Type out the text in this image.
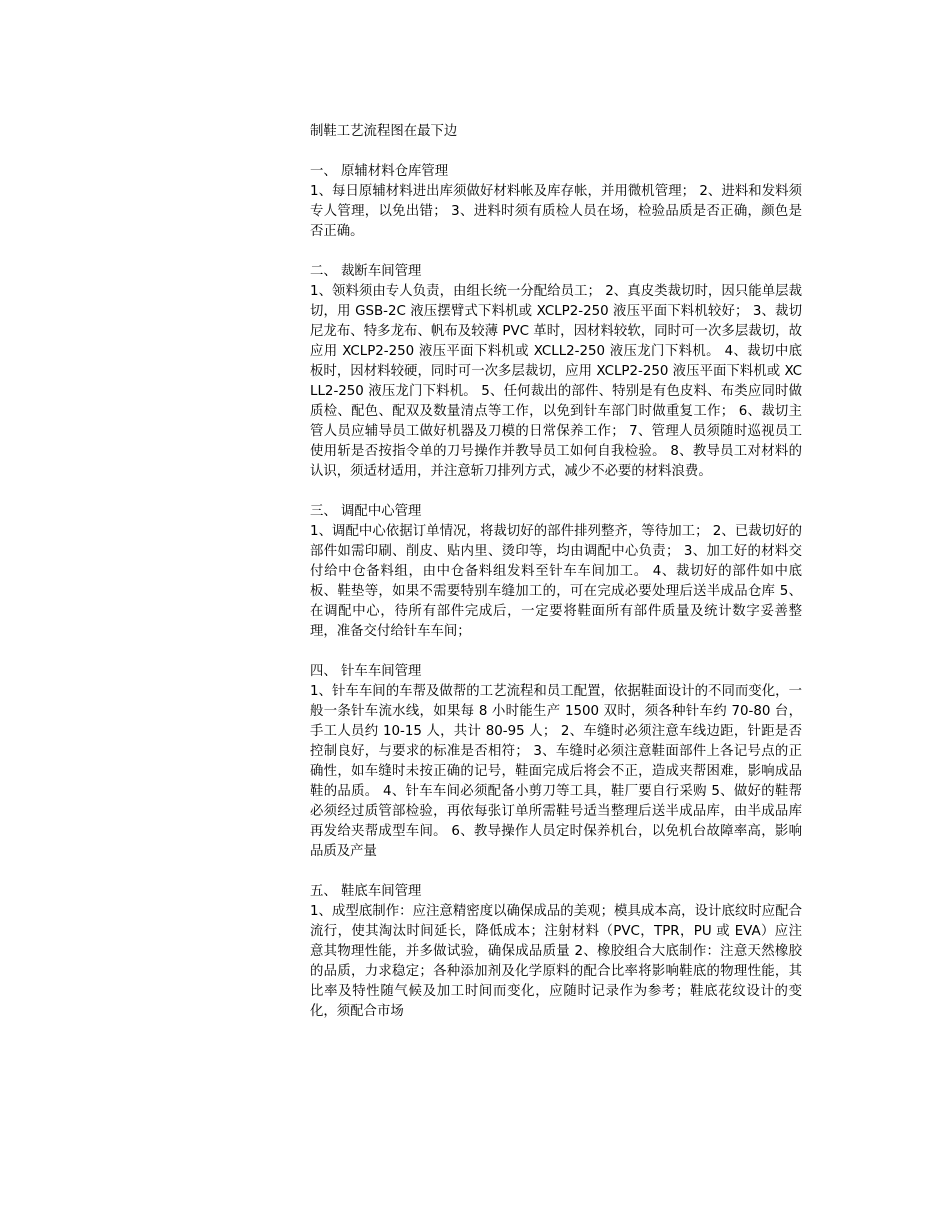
制鞋工艺流程图在最下边

一、 原辅材料仓库管理

1、每日原辅材料进出库须做好材料帐及库存帐，并用微机管理； 2、进料和发料须专人管理，以免出错； 3、进料时须有质检人员在场，检验品质是否正确，颜色是否正确。

二、 裁断车间管理

1、领料须由专人负责，由组长统一分配给员工； 2、真皮类裁切时，因只能单层裁切，用 GSB-2C 液压摆臂式下料机或 XCLP2-250 液压平面下料机较好； 3、裁切尼龙布、特多龙布、帆布及较薄 PVC 革时，因材料较软，同时可一次多层裁切，故应用 XCLP2-250 液压平面下料机或 XCLL2-250 液压龙门下料机。 4、裁切中底板时，因材料较硬，同时可一次多层裁切，应用 XCLP2-250 液压平面下料机或 XCLL2-250 液压龙门下料机。 5、任何裁出的部件、特别是有色皮料、布类应同时做质检、配色、配双及数量清点等工作，以免到针车部门时做重复工作； 6、裁切主管人员应辅导员工做好机器及刀模的日常保养工作； 7、管理人员须随时巡视员工使用斩是否按指令单的刀号操作并教导员工如何自我检验。 8、教导员工对材料的认识，须适材适用，并注意斩刀排列方式，减少不必要的材料浪费。

三、 调配中心管理

1、调配中心依据订单情况，将裁切好的部件排列整齐，等待加工； 2、已裁切好的部件如需印刷、削皮、贴内里、烫印等，均由调配中心负责； 3、加工好的材料交付给中仓备料组，由中仓备料组发料至针车车间加工。 4、裁切好的部件如中底板、鞋垫等，如果不需要特别车缝加工的，可在完成必要处理后送半成品仓库 5、在调配中心，待所有部件完成后，一定要将鞋面所有部件质量及统计数字妥善整理，准备交付给针车车间；

四、 针车车间管理

1、针车车间的车帮及做帮的工艺流程和员工配置，依据鞋面设计的不同而变化，一般一条针车流水线，如果每 8 小时能生产 1500 双时，须各种针车约 70-80 台，手工人员约 10-15 人，共计 80-95 人； 2、车缝时必须注意车线边距，针距是否控制良好，与要求的标准是否相符； 3、车缝时必须注意鞋面部件上各记号点的正确性，如车缝时未按正确的记号，鞋面完成后将会不正，造成夹帮困难，影响成品鞋的品质。 4、针车车间必须配备小剪刀等工具，鞋厂要自行采购 5、做好的鞋帮必须经过质管部检验，再依每张订单所需鞋号适当整理后送半成品库，由半成品库再发给夹帮成型车间。 6、教导操作人员定时保养机台，以免机台故障率高，影响品质及产量

五、 鞋底车间管理

1、成型底制作：应注意精密度以确保成品的美观；模具成本高，设计底纹时应配合流行，使其淘汰时间延长，降低成本；注射材料（PVC，TPR，PU 或 EVA）应注意其物理性能，并多做试验，确保成品质量 2、橡胶组合大底制作：注意天然橡胶的品质，力求稳定；各种添加剂及化学原料的配合比率将影响鞋底的物理性能，其比率及特性随气候及加工时间而变化，应随时记录作为参考；鞋底花纹设计的变化，须配合市场
